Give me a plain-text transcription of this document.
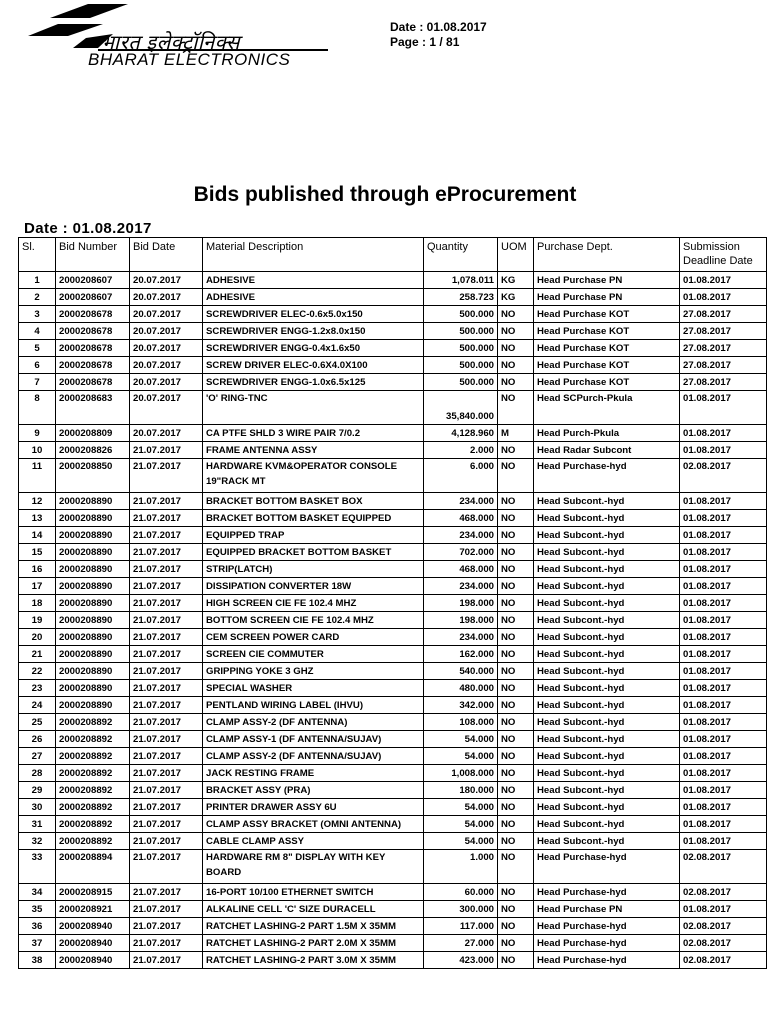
भारत इलेक्ट्रॉनिक्स
BHARAT ELECTRONICS
Date : 01.08.2017
Page : 1 / 81
Bids published through eProcurement
Date : 01.08.2017
Sl.	Bid Number	Bid Date	Material Description	Quantity	UOM	Purchase Dept.	Submission Deadline Date
1	2000208607	20.07.2017	ADHESIVE	1,078.011	KG	Head Purchase PN	01.08.2017
2	2000208607	20.07.2017	ADHESIVE	258.723	KG	Head Purchase PN	01.08.2017
3	2000208678	20.07.2017	SCREWDRIVER ELEC-0.6x5.0x150	500.000	NO	Head Purchase KOT	27.08.2017
4	2000208678	20.07.2017	SCREWDRIVER ENGG-1.2x8.0x150	500.000	NO	Head Purchase KOT	27.08.2017
5	2000208678	20.07.2017	SCREWDRIVER ENGG-0.4x1.6x50	500.000	NO	Head Purchase KOT	27.08.2017
6	2000208678	20.07.2017	SCREW DRIVER ELEC-0.6X4.0X100	500.000	NO	Head Purchase KOT	27.08.2017
7	2000208678	20.07.2017	SCREWDRIVER ENGG-1.0x6.5x125	500.000	NO	Head Purchase KOT	27.08.2017
8	2000208683	20.07.2017	'O' RING-TNC	35,840.000	NO	Head SCPurch-Pkula	01.08.2017
9	2000208809	20.07.2017	CA PTFE SHLD 3 WIRE PAIR 7/0.2	4,128.960	M	Head Purch-Pkula	01.08.2017
10	2000208826	21.07.2017	FRAME ANTENNA ASSY	2.000	NO	Head Radar Subcont	01.08.2017
11	2000208850	21.07.2017	HARDWARE KVM&OPERATOR CONSOLE 19"RACK MT	6.000	NO	Head Purchase-hyd	02.08.2017
12	2000208890	21.07.2017	BRACKET BOTTOM BASKET BOX	234.000	NO	Head Subcont.-hyd	01.08.2017
13	2000208890	21.07.2017	BRACKET BOTTOM BASKET EQUIPPED	468.000	NO	Head Subcont.-hyd	01.08.2017
14	2000208890	21.07.2017	EQUIPPED TRAP	234.000	NO	Head Subcont.-hyd	01.08.2017
15	2000208890	21.07.2017	EQUIPPED BRACKET BOTTOM BASKET	702.000	NO	Head Subcont.-hyd	01.08.2017
16	2000208890	21.07.2017	STRIP(LATCH)	468.000	NO	Head Subcont.-hyd	01.08.2017
17	2000208890	21.07.2017	DISSIPATION CONVERTER 18W	234.000	NO	Head Subcont.-hyd	01.08.2017
18	2000208890	21.07.2017	HIGH SCREEN CIE FE 102.4 MHZ	198.000	NO	Head Subcont.-hyd	01.08.2017
19	2000208890	21.07.2017	BOTTOM SCREEN CIE FE 102.4 MHZ	198.000	NO	Head Subcont.-hyd	01.08.2017
20	2000208890	21.07.2017	CEM SCREEN POWER CARD	234.000	NO	Head Subcont.-hyd	01.08.2017
21	2000208890	21.07.2017	SCREEN CIE COMMUTER	162.000	NO	Head Subcont.-hyd	01.08.2017
22	2000208890	21.07.2017	GRIPPING YOKE 3 GHZ	540.000	NO	Head Subcont.-hyd	01.08.2017
23	2000208890	21.07.2017	SPECIAL WASHER	480.000	NO	Head Subcont.-hyd	01.08.2017
24	2000208890	21.07.2017	PENTLAND WIRING LABEL (IHVU)	342.000	NO	Head Subcont.-hyd	01.08.2017
25	2000208892	21.07.2017	CLAMP ASSY-2 (DF ANTENNA)	108.000	NO	Head Subcont.-hyd	01.08.2017
26	2000208892	21.07.2017	CLAMP ASSY-1 (DF ANTENNA/SUJAV)	54.000	NO	Head Subcont.-hyd	01.08.2017
27	2000208892	21.07.2017	CLAMP ASSY-2 (DF ANTENNA/SUJAV)	54.000	NO	Head Subcont.-hyd	01.08.2017
28	2000208892	21.07.2017	JACK RESTING FRAME	1,008.000	NO	Head Subcont.-hyd	01.08.2017
29	2000208892	21.07.2017	BRACKET ASSY (PRA)	180.000	NO	Head Subcont.-hyd	01.08.2017
30	2000208892	21.07.2017	PRINTER DRAWER ASSY 6U	54.000	NO	Head Subcont.-hyd	01.08.2017
31	2000208892	21.07.2017	CLAMP ASSY BRACKET (OMNI ANTENNA)	54.000	NO	Head Subcont.-hyd	01.08.2017
32	2000208892	21.07.2017	CABLE CLAMP ASSY	54.000	NO	Head Subcont.-hyd	01.08.2017
33	2000208894	21.07.2017	HARDWARE RM 8" DISPLAY WITH KEY BOARD	1.000	NO	Head Purchase-hyd	02.08.2017
34	2000208915	21.07.2017	16-PORT 10/100 ETHERNET SWITCH	60.000	NO	Head Purchase-hyd	02.08.2017
35	2000208921	21.07.2017	ALKALINE CELL 'C' SIZE DURACELL	300.000	NO	Head Purchase PN	01.08.2017
36	2000208940	21.07.2017	RATCHET LASHING-2 PART 1.5M X 35MM	117.000	NO	Head Purchase-hyd	02.08.2017
37	2000208940	21.07.2017	RATCHET LASHING-2 PART 2.0M X 35MM	27.000	NO	Head Purchase-hyd	02.08.2017
38	2000208940	21.07.2017	RATCHET LASHING-2 PART 3.0M X 35MM	423.000	NO	Head Purchase-hyd	02.08.2017
